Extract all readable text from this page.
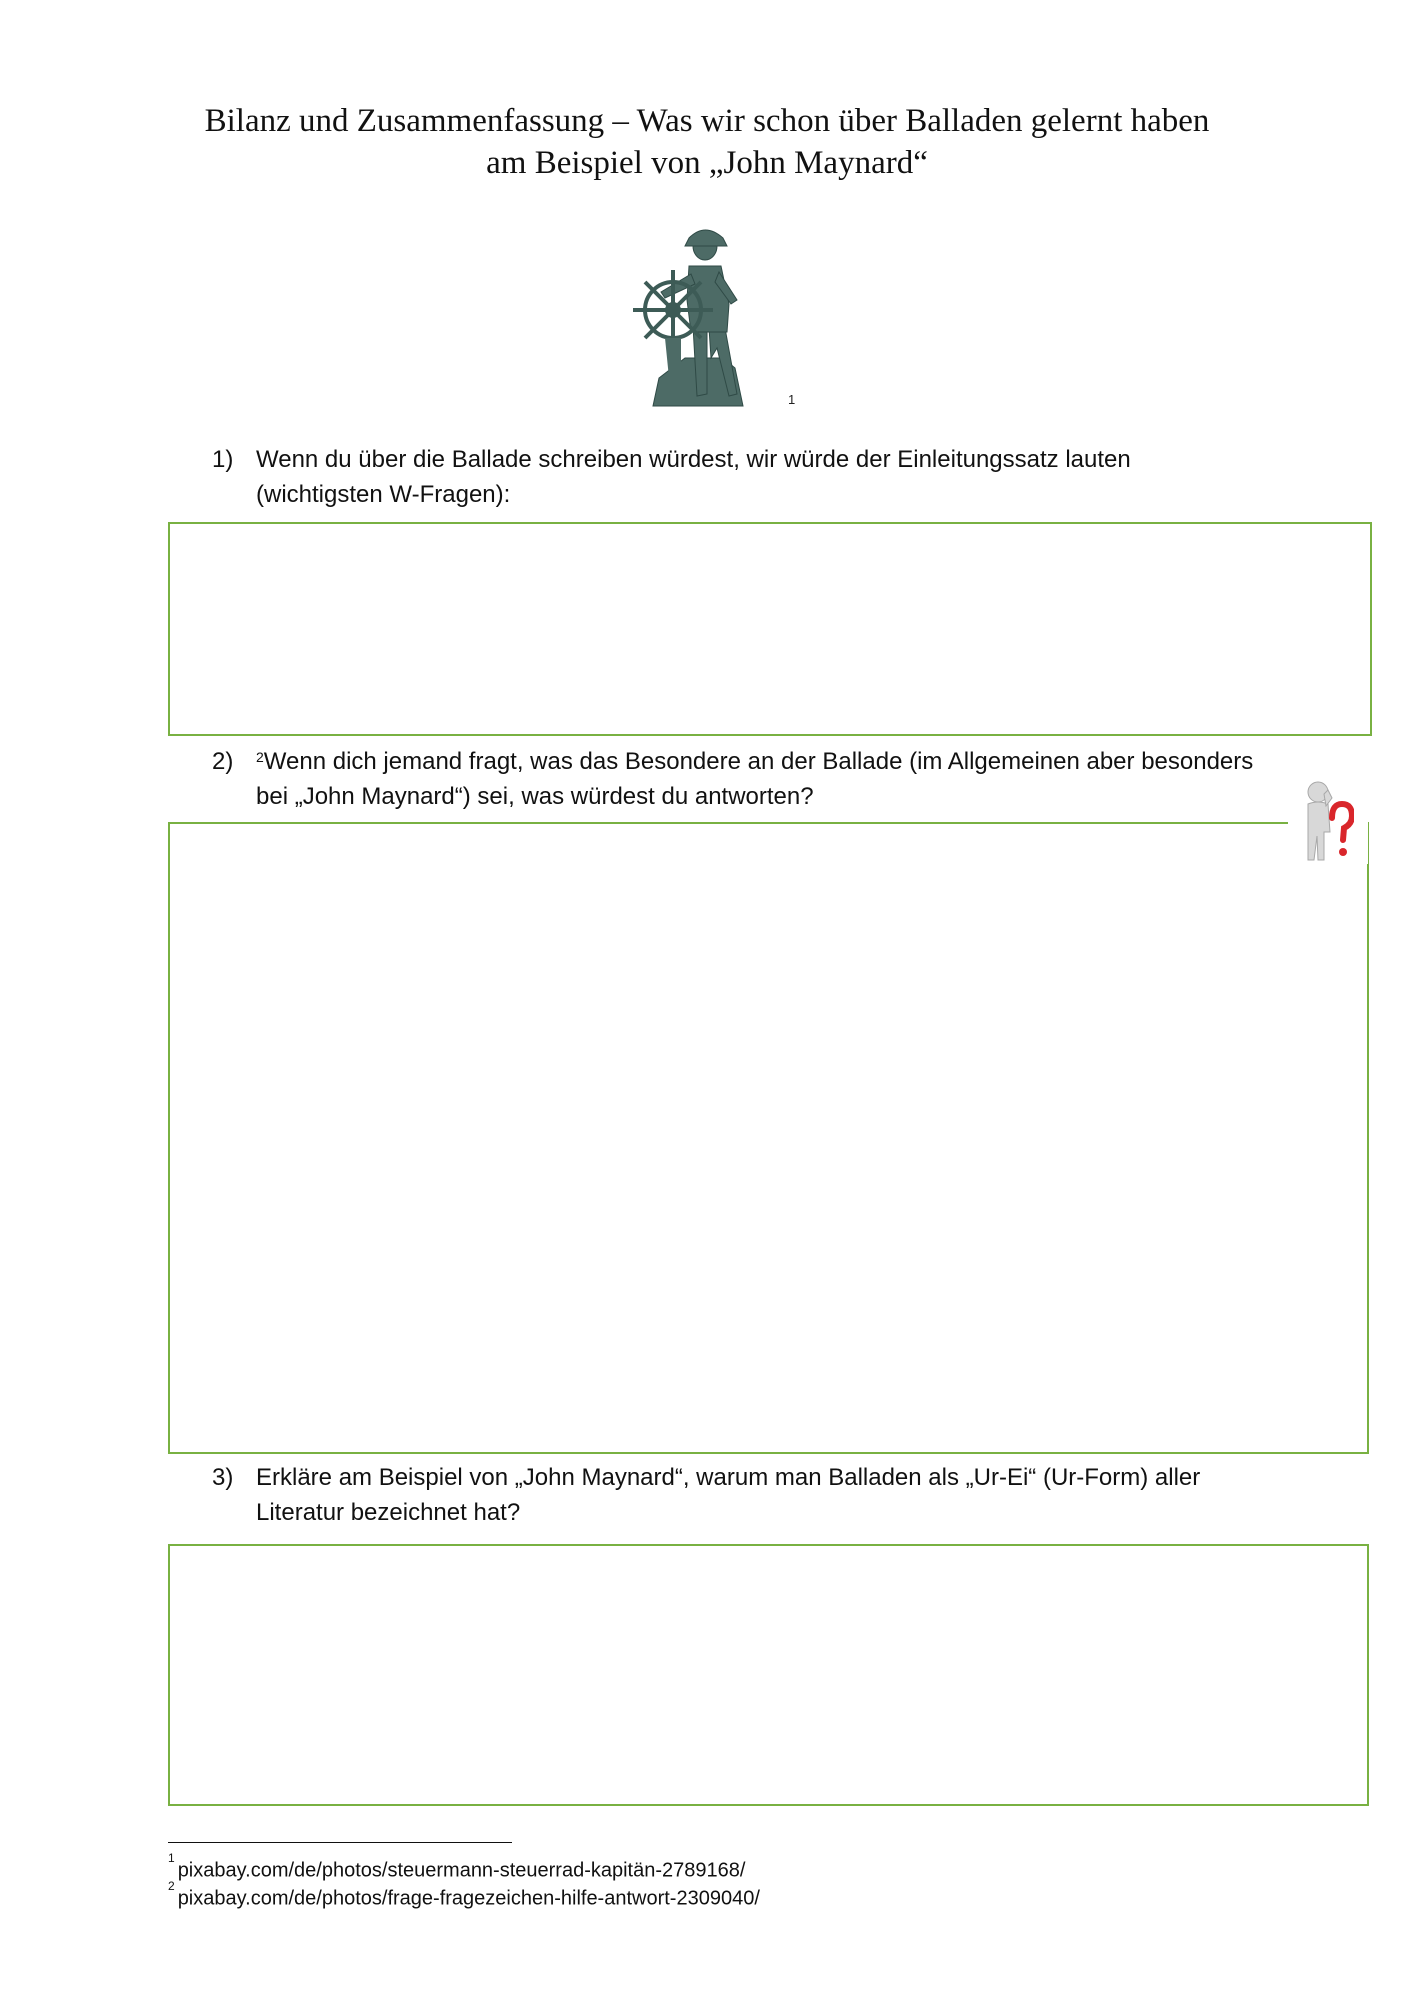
Bilanz und Zusammenfassung – Was wir schon über Balladen gelernt haben
am Beispiel von „John Maynard“
1
1) Wenn du über die Ballade schreiben würdest, wir würde der Einleitungssatz lauten
(wichtigsten W-Fragen):
2) $^2$Wenn dich jemand fragt, was das Besondere an der Ballade (im Allgemeinen aber besonders
bei „John Maynard“) sei, was würdest du antworten?
3) Erkläre am Beispiel von „John Maynard“, warum man Balladen als „Ur-Ei“ (Ur-Form) aller
Literatur bezeichnet hat?
$^1$pixabay.com/de/photos/steuermann-steuerrad-kapitän-2789168/
$^2$pixabay.com/de/photos/frage-fragezeichen-hilfe-antwort-2309040/
